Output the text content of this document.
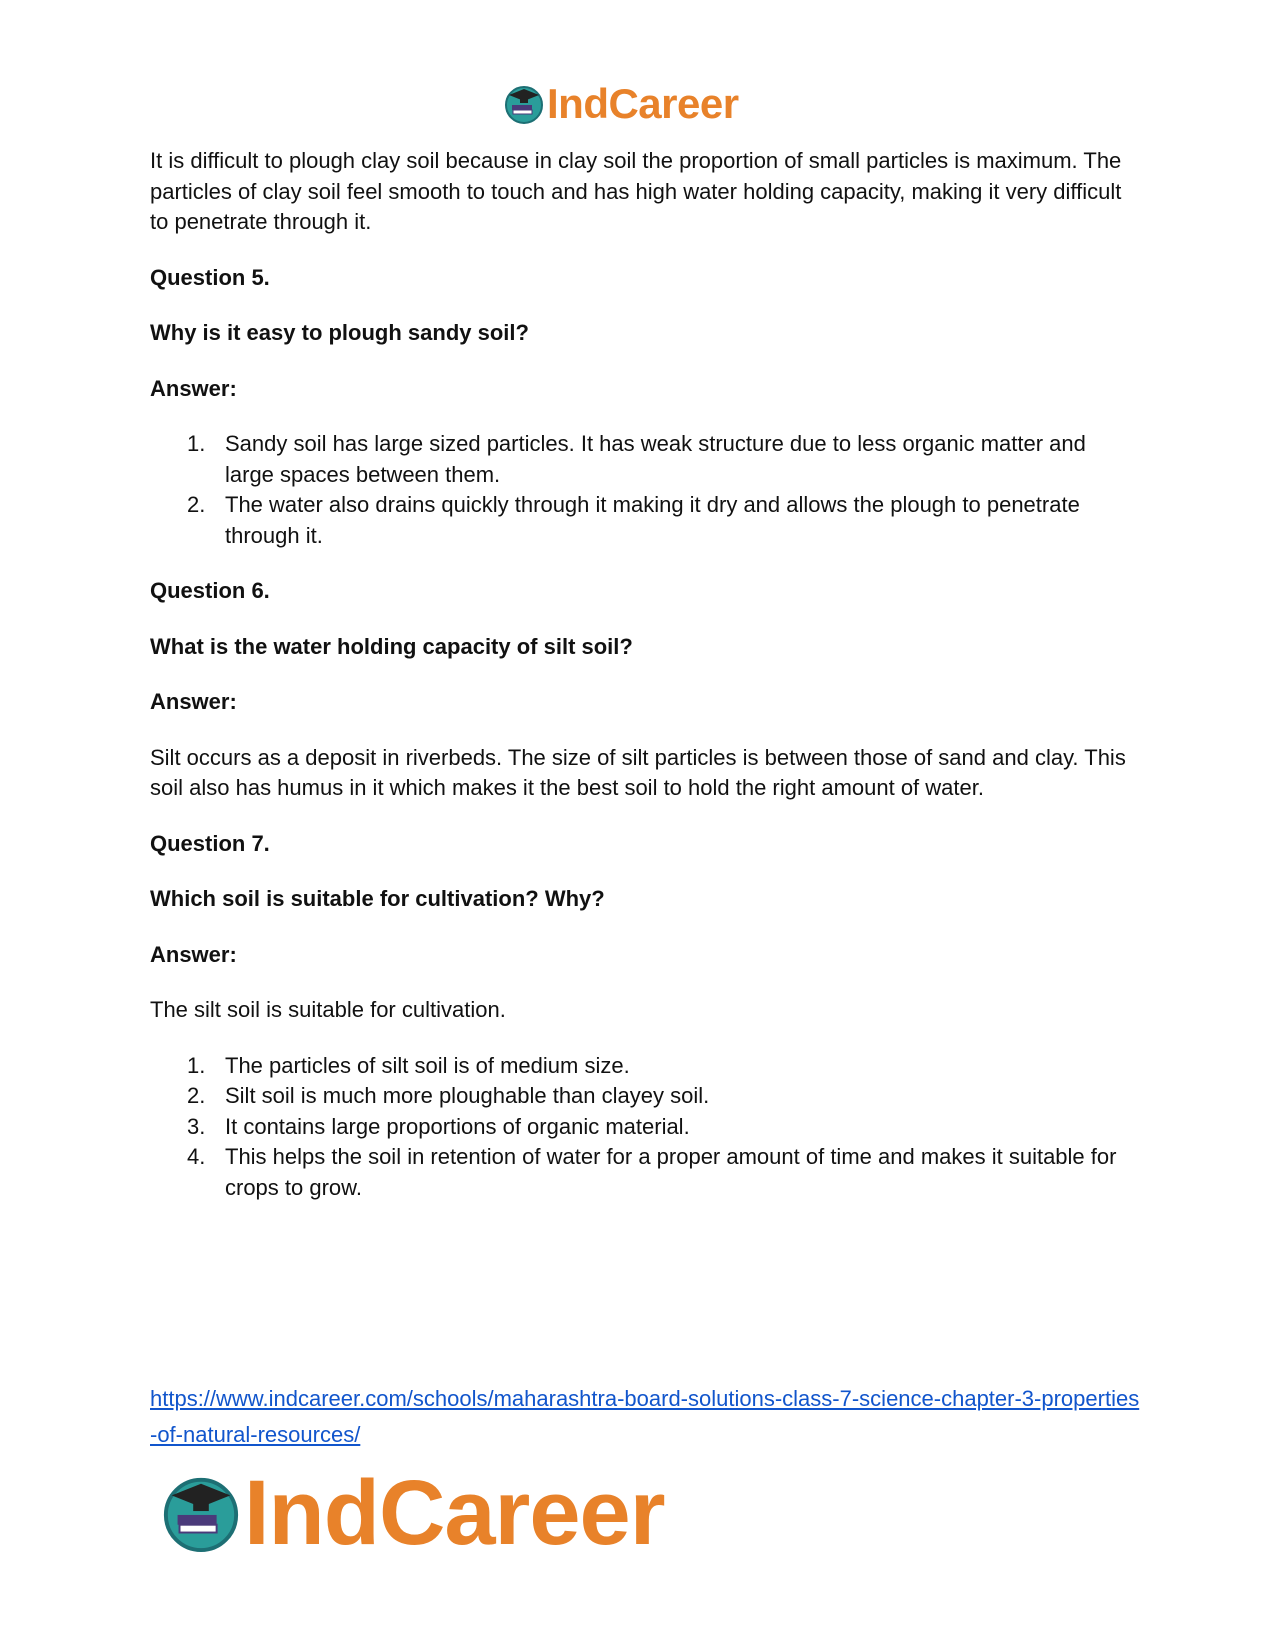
IndCareer

It is difficult to plough clay soil because in clay soil the proportion of small particles is maximum. The particles of clay soil feel smooth to touch and has high water holding capacity, making it very difficult to penetrate through it.

Question 5.

Why is it easy to plough sandy soil?

Answer:

1. Sandy soil has large sized particles. It has weak structure due to less organic matter and large spaces between them.
2. The water also drains quickly through it making it dry and allows the plough to penetrate through it.

Question 6.

What is the water holding capacity of silt soil?

Answer:

Silt occurs as a deposit in riverbeds. The size of silt particles is between those of sand and clay. This soil also has humus in it which makes it the best soil to hold the right amount of water.

Question 7.

Which soil is suitable for cultivation? Why?

Answer:

The silt soil is suitable for cultivation.

1. The particles of silt soil is of medium size.
2. Silt soil is much more ploughable than clayey soil.
3. It contains large proportions of organic material.
4. This helps the soil in retention of water for a proper amount of time and makes it suitable for crops to grow.
https://www.indcareer.com/schools/maharashtra-board-solutions-class-7-science-chapter-3-properties-of-natural-resources/
IndCareer
